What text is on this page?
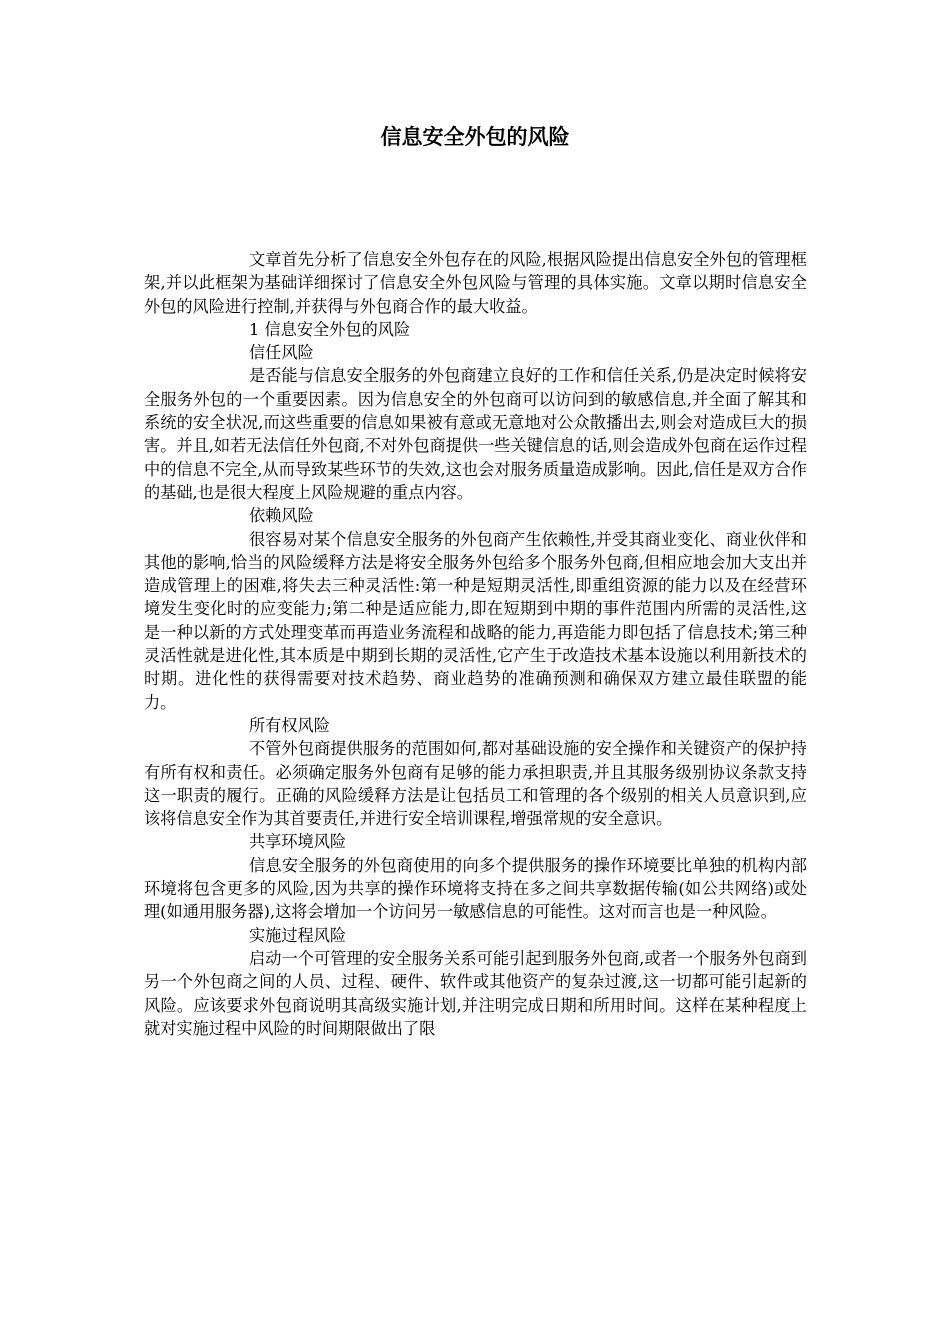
信息安全外包的风险

文章首先分析了信息安全外包存在的风险,根据风险提出信息安全外包的管理框架,并以此框架为基础详细探讨了信息安全外包风险与管理的具体实施。文章以期时信息安全外包的风险进行控制,并获得与外包商合作的最大收益。

1 信息安全外包的风险

信任风险

是否能与信息安全服务的外包商建立良好的工作和信任关系,仍是决定时候将安全服务外包的一个重要因素。因为信息安全的外包商可以访问到的敏感信息,并全面了解其和系统的安全状况,而这些重要的信息如果被有意或无意地对公众散播出去,则会对造成巨大的损害。并且,如若无法信任外包商,不对外包商提供一些关键信息的话,则会造成外包商在运作过程中的信息不完全,从而导致某些环节的失效,这也会对服务质量造成影响。因此,信任是双方合作的基础,也是很大程度上风险规避的重点内容。

依赖风险

很容易对某个信息安全服务的外包商产生依赖性,并受其商业变化、商业伙伴和其他的影响,恰当的风险缓释方法是将安全服务外包给多个服务外包商,但相应地会加大支出并造成管理上的困难,将失去三种灵活性:第一种是短期灵活性,即重组资源的能力以及在经营环境发生变化时的应变能力;第二种是适应能力,即在短期到中期的事件范围内所需的灵活性,这是一种以新的方式处理变革而再造业务流程和战略的能力,再造能力即包括了信息技术;第三种灵活性就是进化性,其本质是中期到长期的灵活性,它产生于改造技术基本设施以利用新技术的时期。进化性的获得需要对技术趋势、商业趋势的准确预测和确保双方建立最佳联盟的能力。

所有权风险

不管外包商提供服务的范围如何,都对基础设施的安全操作和关键资产的保护持有所有权和责任。必须确定服务外包商有足够的能力承担职责,并且其服务级别协议条款支持这一职责的履行。正确的风险缓释方法是让包括员工和管理的各个级别的相关人员意识到,应该将信息安全作为其首要责任,并进行安全培训课程,增强常规的安全意识。

共享环境风险

信息安全服务的外包商使用的向多个提供服务的操作环境要比单独的机构内部环境将包含更多的风险,因为共享的操作环境将支持在多之间共享数据传输(如公共网络)或处理(如通用服务器),这将会增加一个访问另一敏感信息的可能性。这对而言也是一种风险。

实施过程风险

启动一个可管理的安全服务关系可能引起到服务外包商,或者一个服务外包商到另一个外包商之间的人员、过程、硬件、软件或其他资产的复杂过渡,这一切都可能引起新的风险。应该要求外包商说明其高级实施计划,并注明完成日期和所用时间。这样在某种程度上就对实施过程中风险的时间期限做出了限
